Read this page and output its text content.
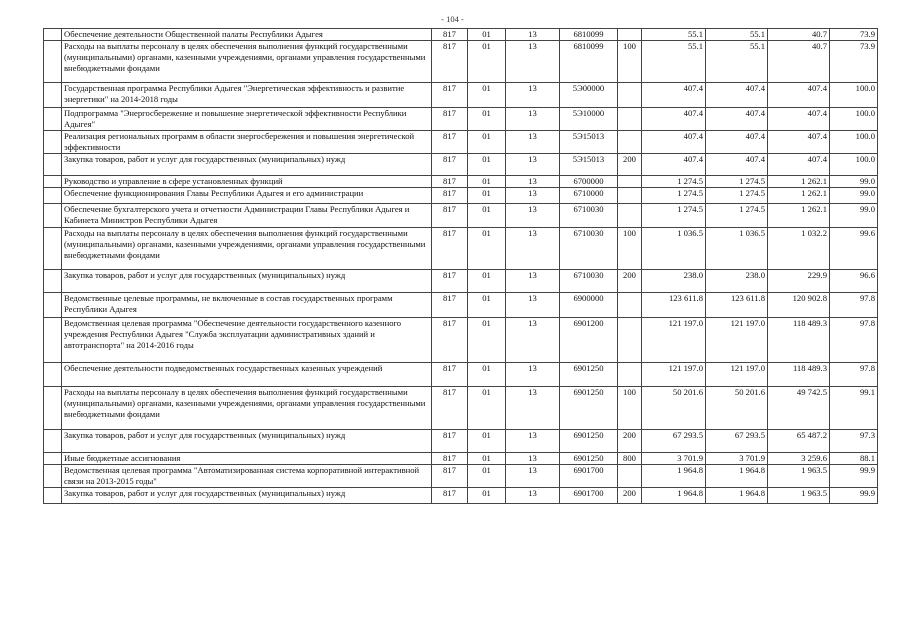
- 104 -
	Обеспечение деятельности Общественной палаты Республики Адыгея	817	01	13	6810099		55.1	55.1	40.7	73.9
	Расходы на выплаты персоналу в целях обеспечения выполнения функций государственными (муниципальными) органами, казенными учреждениями, органами управления государственными внебюджетными фондами	817	01	13	6810099	100	55.1	55.1	40.7	73.9
	Государственная программа Республики Адыгея "Энергетическая эффективность и развитие энергетики" на 2014-2018 годы	817	01	13	5Э00000		407.4	407.4	407.4	100.0
	Подпрограмма "Энергосбережение и повышение энергетической эффективности Республики Адыгея"	817	01	13	5Э10000		407.4	407.4	407.4	100.0
	Реализация региональных программ в области энергосбережения и повышения энергетической эффективности	817	01	13	5Э15013		407.4	407.4	407.4	100.0
	Закупка товаров, работ и услуг для государственных (муниципальных) нужд	817	01	13	5Э15013	200	407.4	407.4	407.4	100.0
	Руководство и управление в сфере установленных функций	817	01	13	6700000		1 274.5	1 274.5	1 262.1	99.0
	Обеспечение функционирования Главы Республики Адыгея и его администрации	817	01	13	6710000		1 274.5	1 274.5	1 262.1	99.0
	Обеспечение бухгалтерского учета и отчетности Администрации Главы Республики Адыгея и Кабинета Министров Республики Адыгея	817	01	13	6710030		1 274.5	1 274.5	1 262.1	99.0
	Расходы на выплаты персоналу в целях обеспечения выполнения функций государственными (муниципальными) органами, казенными учреждениями, органами управления государственными внебюджетными фондами	817	01	13	6710030	100	1 036.5	1 036.5	1 032.2	99.6
	Закупка товаров, работ и услуг для государственных (муниципальных) нужд	817	01	13	6710030	200	238.0	238.0	229.9	96.6
	Ведомственные целевые программы, не включенные в состав государственных программ Республики Адыгея	817	01	13	6900000		123 611.8	123 611.8	120 902.8	97.8
	Ведомственная целевая программа "Обеспечение деятельности государственного казенного учреждения Республики Адыгея "Служба эксплуатации административных зданий и автотранспорта" на 2014-2016 годы	817	01	13	6901200		121 197.0	121 197.0	118 489.3	97.8
	Обеспечение деятельности подведомственных государственных казенных учреждений	817	01	13	6901250		121 197.0	121 197.0	118 489.3	97.8
	Расходы на выплаты персоналу в целях обеспечения выполнения функций государственными (муниципальными) органами, казенными учреждениями, органами управления государственными внебюджетными фондами	817	01	13	6901250	100	50 201.6	50 201.6	49 742.5	99.1
	Закупка товаров, работ и услуг для государственных (муниципальных) нужд	817	01	13	6901250	200	67 293.5	67 293.5	65 487.2	97.3
	Иные бюджетные ассигнования	817	01	13	6901250	800	3 701.9	3 701.9	3 259.6	88.1
	Ведомственная целевая программа "Автоматизированная система корпоративной интерактивной связи на 2013-2015 годы"	817	01	13	6901700		1 964.8	1 964.8	1 963.5	99.9
	Закупка товаров, работ и услуг для государственных (муниципальных) нужд	817	01	13	6901700	200	1 964.8	1 964.8	1 963.5	99.9
